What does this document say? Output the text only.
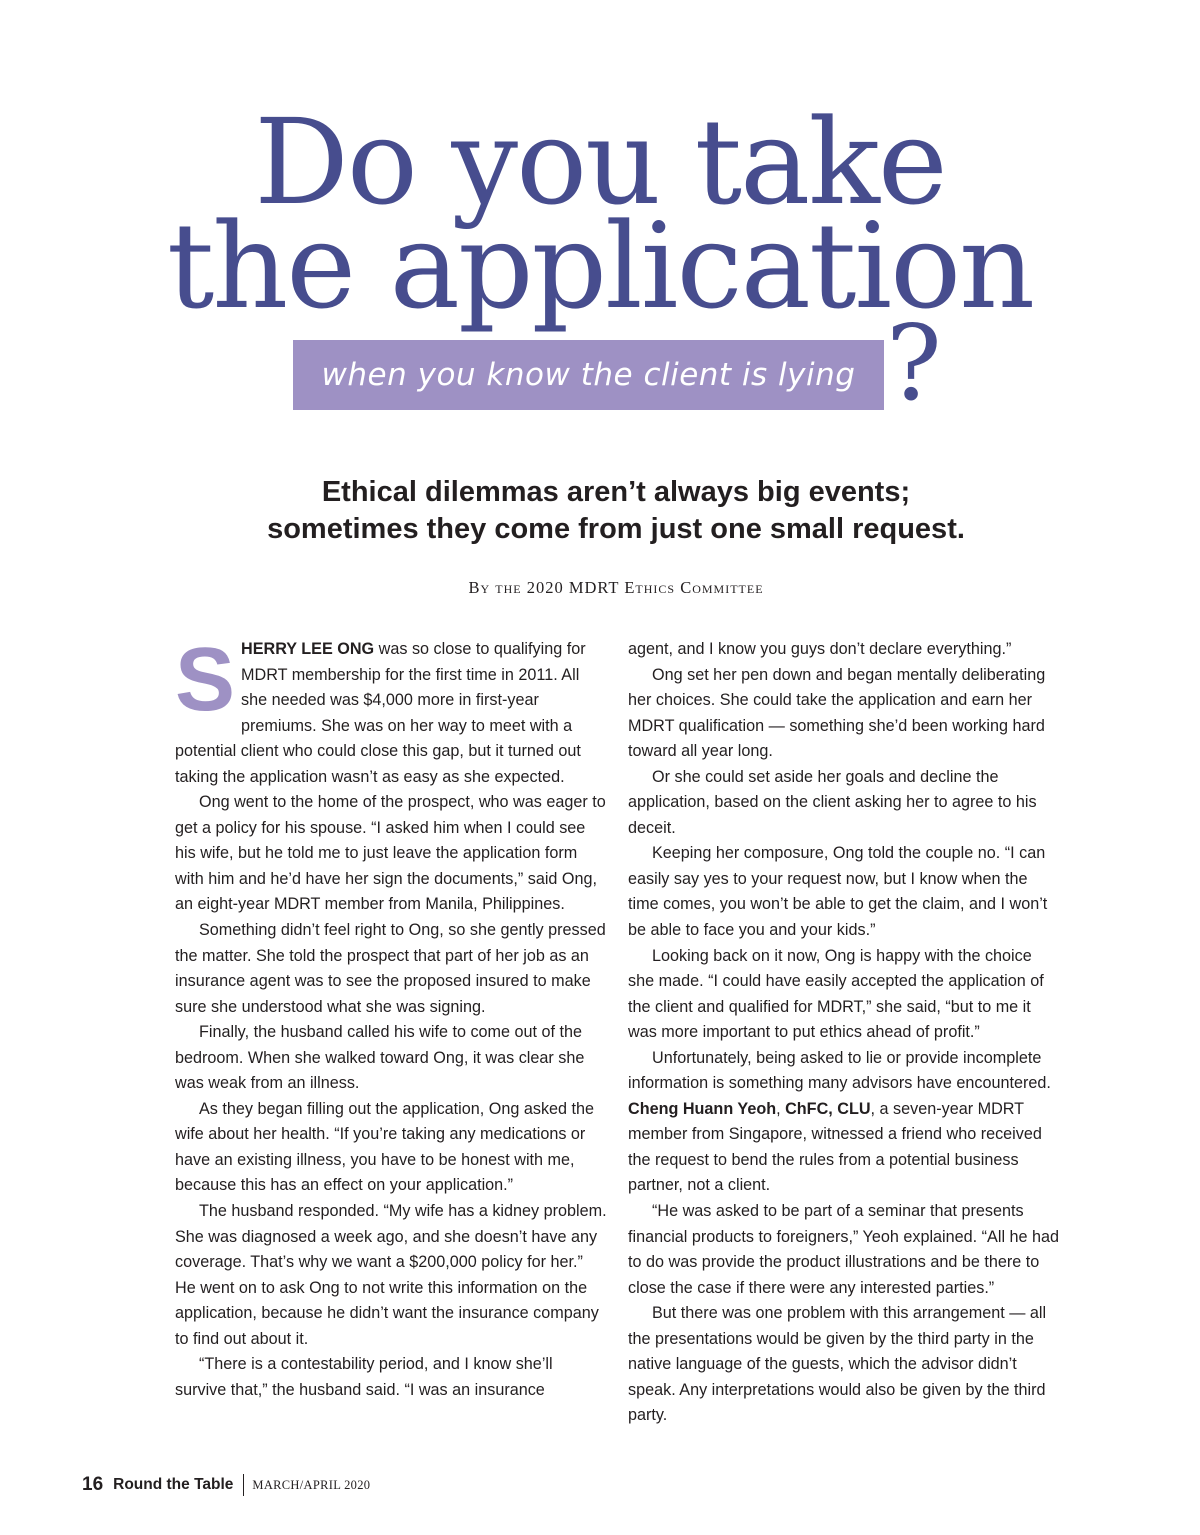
Do you take
the application
when you know the client is lying ?
Ethical dilemmas aren’t always big events;
sometimes they come from just one small request.
By the 2020 MDRT Ethics Committee

SHERRY LEE ONG was so close to qualifying for MDRT membership for the first time in 2011. All she needed was $4,000 more in first-year premiums. She was on her way to meet with a potential client who could close this gap, but it turned out taking the application wasn’t as easy as she expected.

Ong went to the home of the prospect, who was eager to get a policy for his spouse. “I asked him when I could see his wife, but he told me to just leave the application form with him and he’d have her sign the documents,” said Ong, an eight-year MDRT member from Manila, Philippines.

Something didn’t feel right to Ong, so she gently pressed the matter. She told the prospect that part of her job as an insurance agent was to see the proposed insured to make sure she understood what she was signing.

Finally, the husband called his wife to come out of the bedroom. When she walked toward Ong, it was clear she was weak from an illness.

As they began filling out the application, Ong asked the wife about her health. “If you’re taking any medications or have an existing illness, you have to be honest with me, because this has an effect on your application.”

The husband responded. “My wife has a kidney problem. She was diagnosed a week ago, and she doesn’t have any coverage. That’s why we want a $200,000 policy for her.” He went on to ask Ong to not write this information on the application, because he didn’t want the insurance company to find out about it.

“There is a contestability period, and I know she’ll survive that,” the husband said. “I was an insurance

agent, and I know you guys don’t declare everything.”

Ong set her pen down and began mentally deliberating her choices. She could take the application and earn her MDRT qualification — something she’d been working hard toward all year long.

Or she could set aside her goals and decline the application, based on the client asking her to agree to his deceit.

Keeping her composure, Ong told the couple no. “I can easily say yes to your request now, but I know when the time comes, you won’t be able to get the claim, and I won’t be able to face you and your kids.”

Looking back on it now, Ong is happy with the choice she made. “I could have easily accepted the application of the client and qualified for MDRT,” she said, “but to me it was more important to put ethics ahead of profit.”

Unfortunately, being asked to lie or provide incomplete information is something many advisors have encountered. Cheng Huann Yeoh, ChFC, CLU, a seven-year MDRT member from Singapore, witnessed a friend who received the request to bend the rules from a potential business partner, not a client.

“He was asked to be part of a seminar that presents financial products to foreigners,” Yeoh explained. “All he had to do was provide the product illustrations and be there to close the case if there were any interested parties.”

But there was one problem with this arrangement — all the presentations would be given by the third party in the native language of the guests, which the advisor didn’t speak. Any interpretations would also be given by the third party.

16 Round the Table MARCH/APRIL 2020
